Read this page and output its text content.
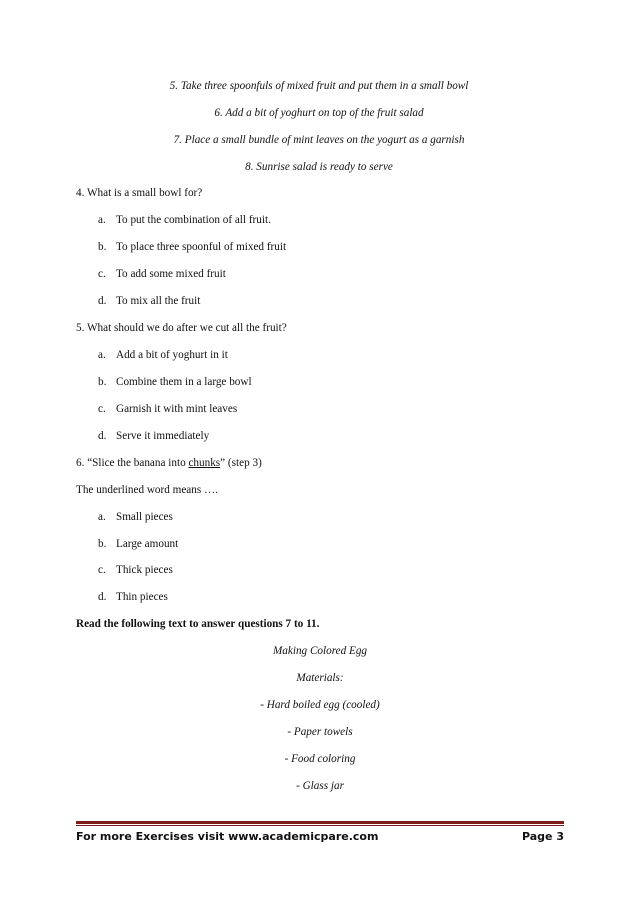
5. Take three spoonfuls of mixed fruit and put them in a small bowl
6. Add a bit of yoghurt on top of the fruit salad
7. Place a small bundle of mint leaves on the yogurt as a garnish
8. Sunrise salad is ready to serve
4. What is a small bowl for?
a. To put the combination of all fruit.
b. To place three spoonful of mixed fruit
c. To add some mixed fruit
d. To mix all the fruit
5. What should we do after we cut all the fruit?
a. Add a bit of yoghurt in it
b. Combine them in a large bowl
c. Garnish it with mint leaves
d. Serve it immediately
6. “Slice the banana into chunks” (step 3)
The underlined word means ….
a. Small pieces
b. Large amount
c. Thick pieces
d. Thin pieces
Read the following text to answer questions 7 to 11.
Making Colored Egg
Materials:
- Hard boiled egg (cooled)
- Paper towels
- Food coloring
- Glass jar
For more Exercises visit www.academicpare.com	Page 3
